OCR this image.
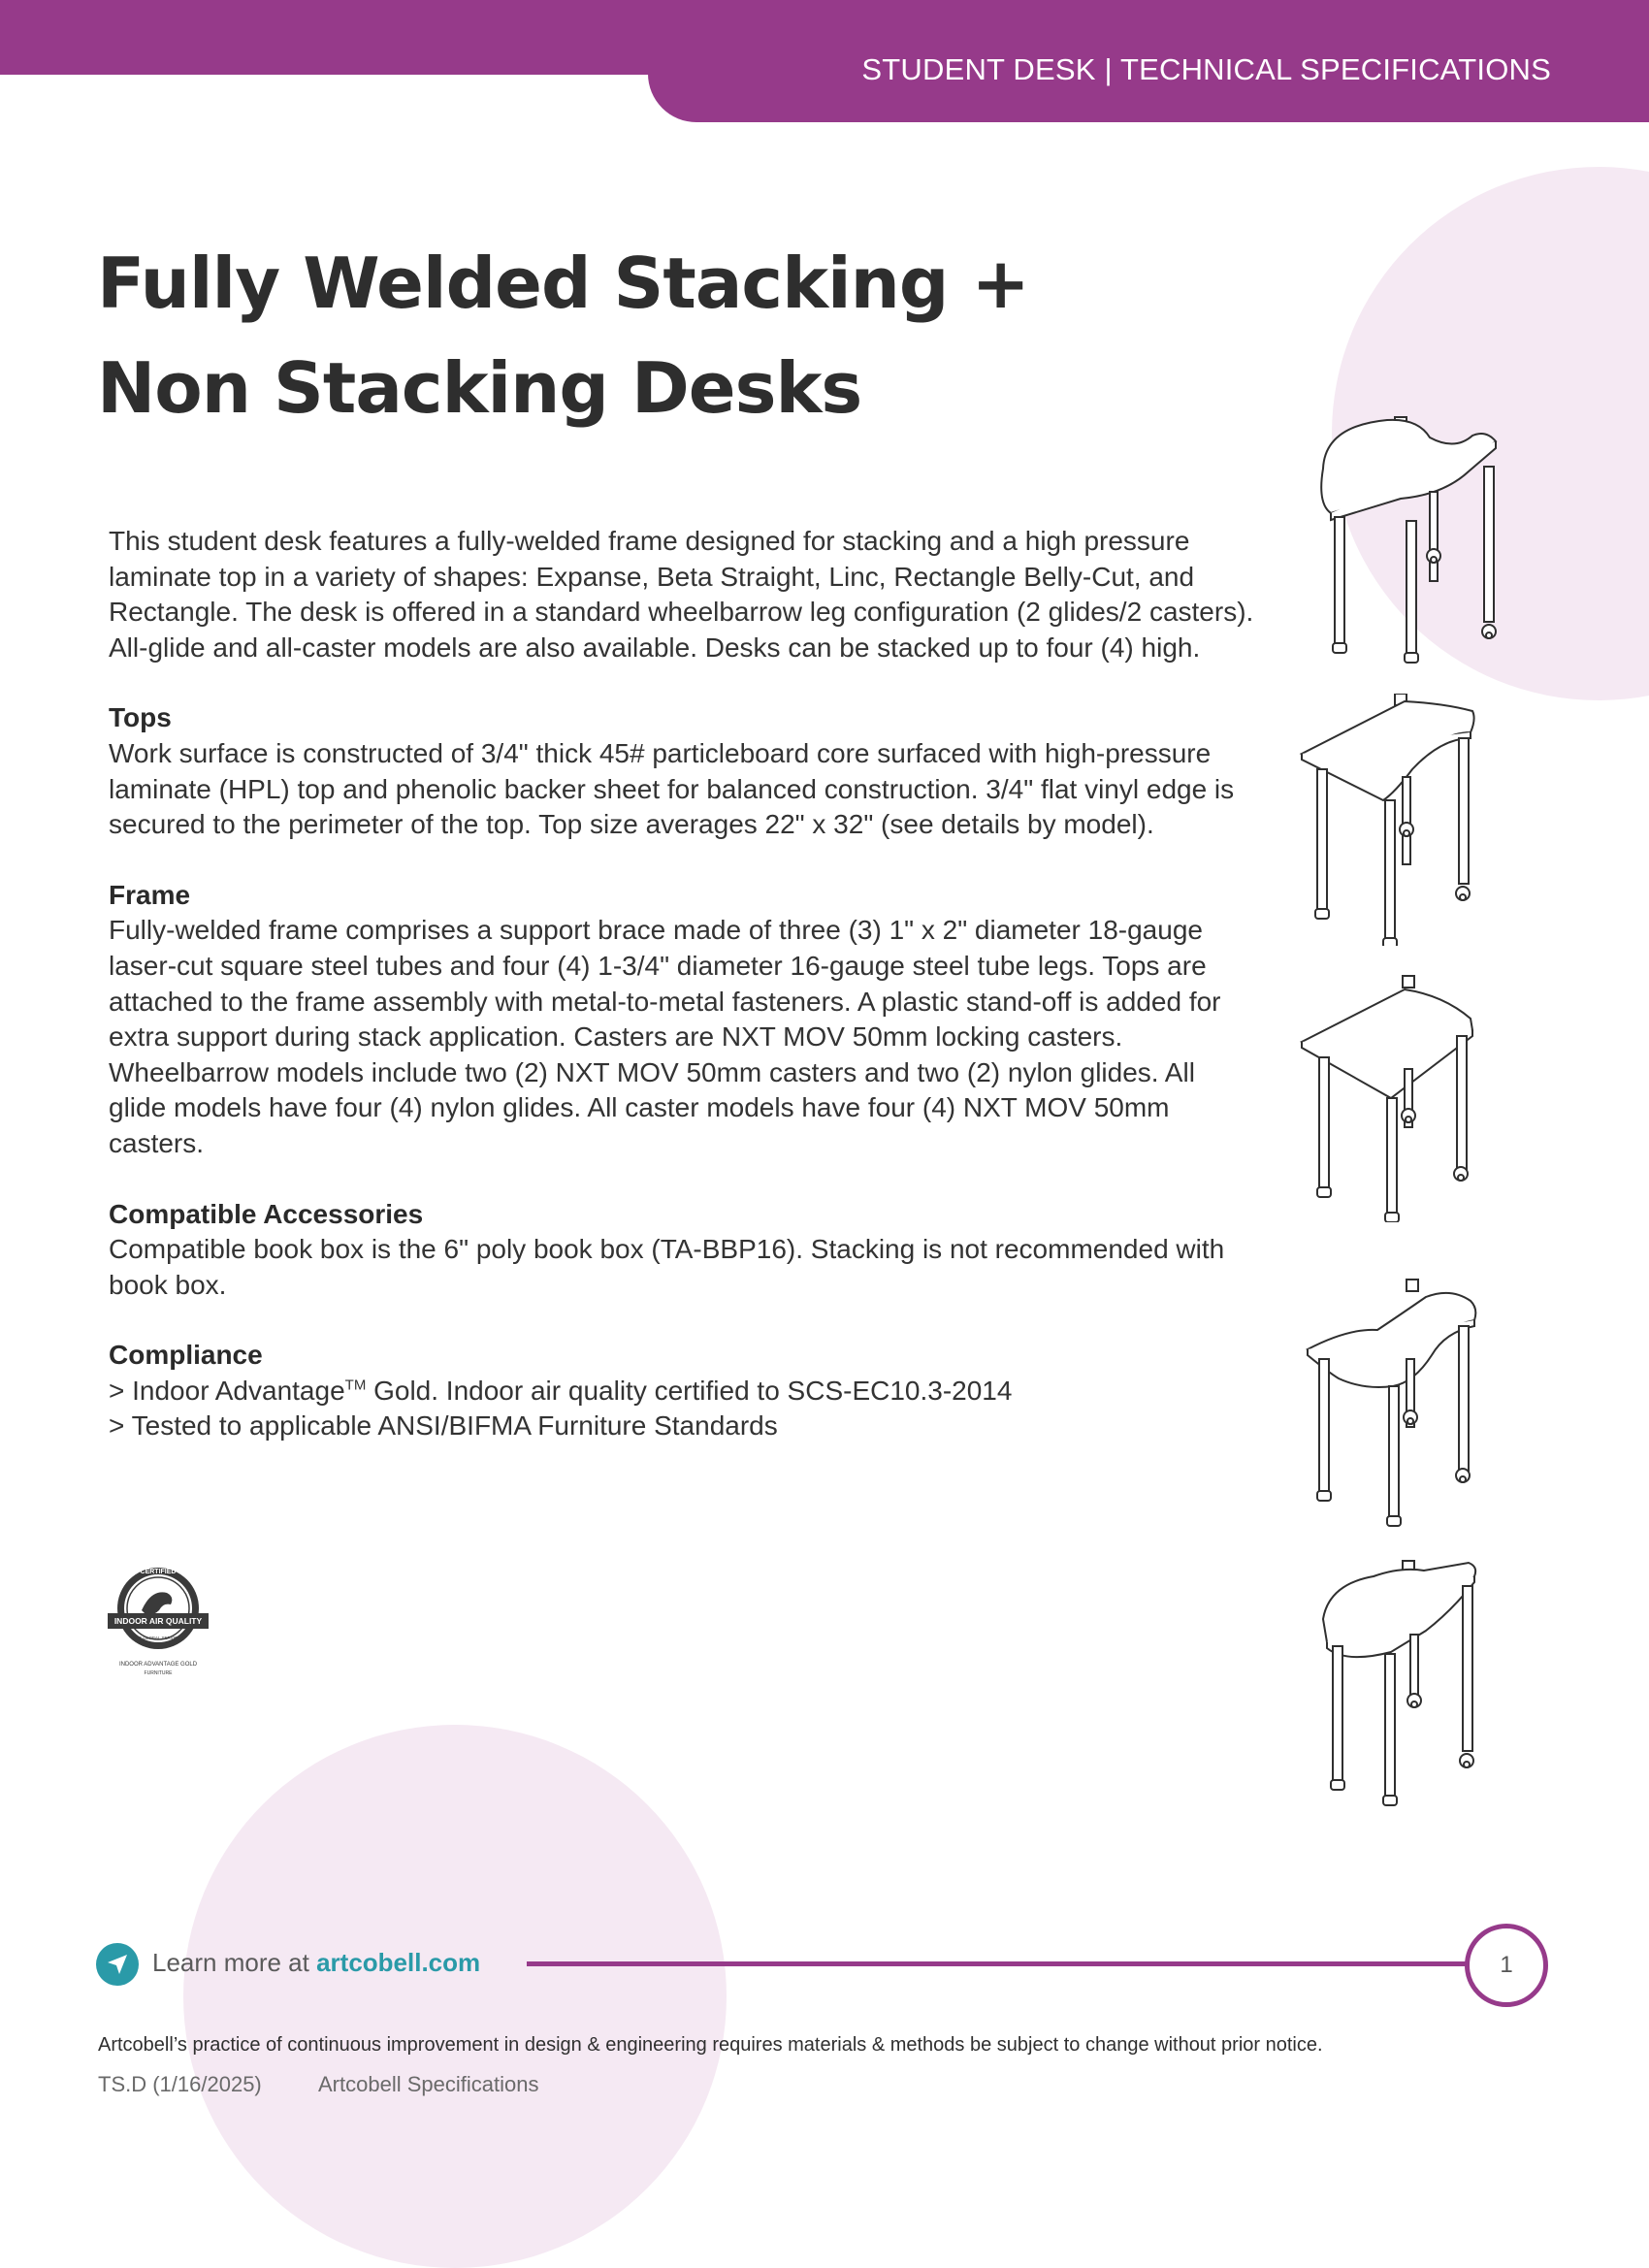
STUDENT DESK | TECHNICAL SPECIFICATIONS
Fully Welded Stacking +
Non Stacking Desks

This student desk features a fully-welded frame designed for stacking and a high pressure laminate top in a variety of shapes: Expanse, Beta Straight, Linc, Rectangle Belly-Cut, and Rectangle. The desk is offered in a standard wheelbarrow leg configuration (2 glides/2 casters). All-glide and all-caster models are also available. Desks can be stacked up to four (4) high.

Tops

Work surface is constructed of 3/4" thick 45# particleboard core surfaced with high-pressure laminate (HPL) top and phenolic backer sheet for balanced construction. 3/4" flat vinyl edge is secured to the perimeter of the top. Top size averages 22" x 32" (see details by model).

Frame

Fully-welded frame comprises a support brace made of three (3) 1" x 2" diameter 18-gauge laser-cut square steel tubes and four (4) 1-3/4" diameter 16-gauge steel tube legs. Tops are attached to the frame assembly with metal-to-metal fasteners. A plastic stand-off is added for extra support during stack application. Casters are NXT MOV 50mm locking casters. Wheelbarrow models include two (2) NXT MOV 50mm casters and two (2) nylon glides. All glide models have four (4) nylon glides. All caster models have four (4) NXT MOV 50mm casters.

Compatible Accessories

Compatible book box is the 6" poly book box (TA-BBP16). Stacking is not recommended with book box.

Compliance

> Indoor Advantage™ Gold. Indoor air quality certified to SCS-EC10.3-2014
> Tested to applicable ANSI/BIFMA Furniture Standards
CERTIFIED
INDOOR AIR QUALITY
SCS GLOBAL SERVICES
INDOOR ADVANTAGE GOLD
FURNITURE
Learn more at artcobell.com	1
Artcobell’s practice of continuous improvement in design & engineering requires materials & methods be subject to change without prior notice.
TS.D (1/16/2025)	Artcobell Specifications
